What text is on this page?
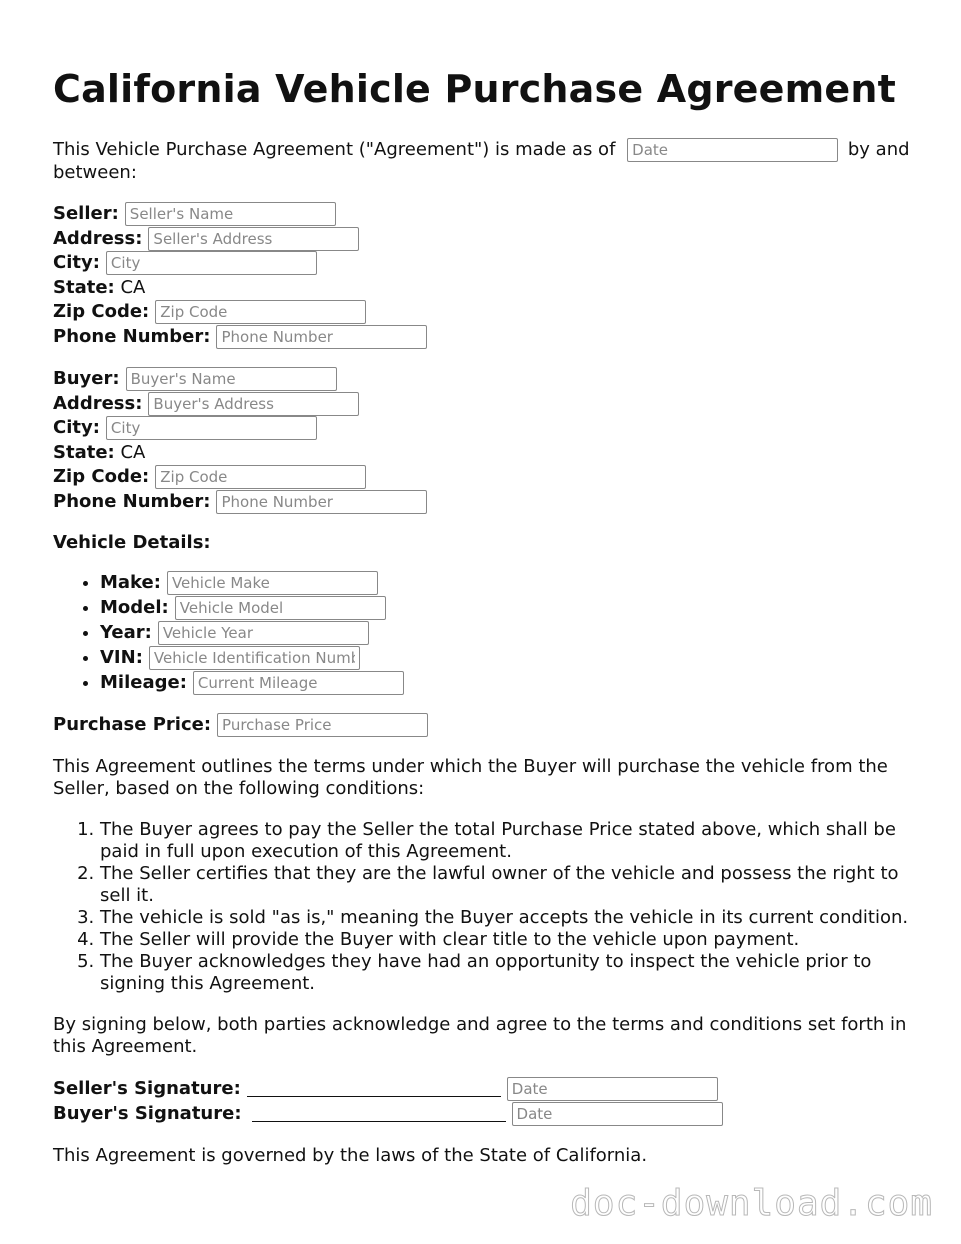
California Vehicle Purchase Agreement

This Vehicle Purchase Agreement ("Agreement") is made as of Date	by and between:

Seller:
Seller's Name
Address:
Seller's Address
City:
City
State:
CA
Zip Code:
Zip Code
Phone Number:
Phone Number
Buyer:
Buyer's Name
Address:
Buyer's Address
City:
City
State:
CA
Zip Code:
Zip Code
Phone Number:
Phone Number

Vehicle Details:

• Make:
Vehicle Make
• Model:
Vehicle Model
• Year:
Vehicle Year
• VIN:
Vehicle Identification Number
• Mileage:
Current Mileage
Purchase Price:
Purchase Price

This Agreement outlines the terms under which the Buyer will purchase the vehicle from the Seller, based on the following conditions:

1. The Buyer agrees to pay the Seller the total Purchase Price stated above, which shall be paid in full upon execution of this Agreement.
2. The Seller certifies that they are the lawful owner of the vehicle and possess the right to sell it.
3. The vehicle is sold "as is," meaning the Buyer accepts the vehicle in its current condition.
4. The Seller will provide the Buyer with clear title to the vehicle upon payment.
5. The Buyer acknowledges they have had an opportunity to inspect the vehicle prior to signing this Agreement.

By signing below, both parties acknowledge and agree to the terms and conditions set forth in this Agreement.

Seller's Signature:
Date
Buyer's Signature:
Date

This Agreement is governed by the laws of the State of California.

doc-download.com
